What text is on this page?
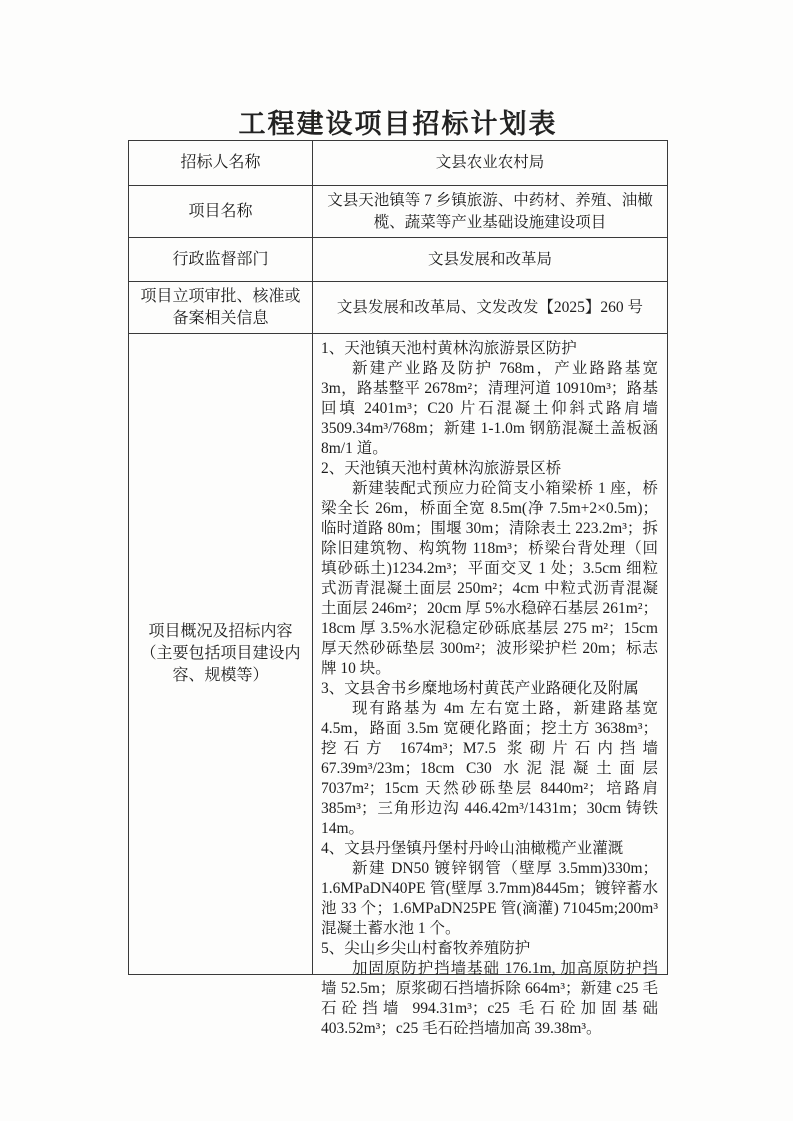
工程建设项目招标计划表
招标人名称	文县农业农村局
项目名称
文县天池镇等 7 乡镇旅游、中药材、养殖、油橄榄、蔬菜等产业基础设施建设项目
行政监督部门	文县发展和改革局
项目立项审批、核准或备案相关信息
文县发展和改革局、文发改发【2025】260 号
项目概况及招标内容（主要包括项目建设内容、规模等）
1、天池镇天池村黄林沟旅游景区防护
新建产业路及防护 768m，产业路路基宽 3m，路基整平 2678m²；清理河道 10910m³；路基回填 2401m³；C20 片石混凝土仰斜式路肩墙 3509.34m³/768m；新建 1-1.0m 钢筋混凝土盖板涵 8m/1 道。
2、天池镇天池村黄林沟旅游景区桥
新建装配式预应力砼简支小箱梁桥 1 座，桥梁全长 26m，桥面全宽 8.5m(净 7.5m+2×0.5m)；临时道路 80m；围堰 30m；清除表土 223.2m³；拆除旧建筑物、构筑物 118m³；桥梁台背处理（回填砂砾土)1234.2m³；平面交叉 1 处；3.5cm 细粒式沥青混凝土面层 250m²；4cm 中粒式沥青混凝土面层 246m²；20cm 厚 5%水稳碎石基层 261m²；18cm 厚 3.5%水泥稳定砂砾底基层 275 m²；15cm 厚天然砂砾垫层 300m²；波形梁护栏 20m；标志牌 10 块。
3、文县舍书乡糜地场村黄芪产业路硬化及附属
现有路基为 4m 左右宽土路，新建路基宽 4.5m，路面 3.5m 宽硬化路面；挖土方 3638m³；挖石方 1674m³；M7.5 浆砌片石内挡墙 67.39m³/23m；18cm C30 水泥混凝土面层 7037m²；15cm 天然砂砾垫层 8440m²；培路肩 385m³；三角形边沟 446.42m³/1431m；30cm 铸铁 14m。
4、文县丹堡镇丹堡村丹岭山油橄榄产业灌溉
新建 DN50 镀锌钢管（壁厚 3.5mm)330m；1.6MPaDN40PE 管(壁厚 3.7mm)8445m；镀锌蓄水池 33 个；1.6MPaDN25PE 管(滴灌) 71045m;200m³ 混凝土蓄水池 1 个。
5、尖山乡尖山村畜牧养殖防护
加固原防护挡墙基础 176.1m, 加高原防护挡墙 52.5m；原浆砌石挡墙拆除 664m³；新建 c25 毛石砼挡墙 994.31m³；c25 毛石砼加固基础 403.52m³；c25 毛石砼挡墙加高 39.38m³。
